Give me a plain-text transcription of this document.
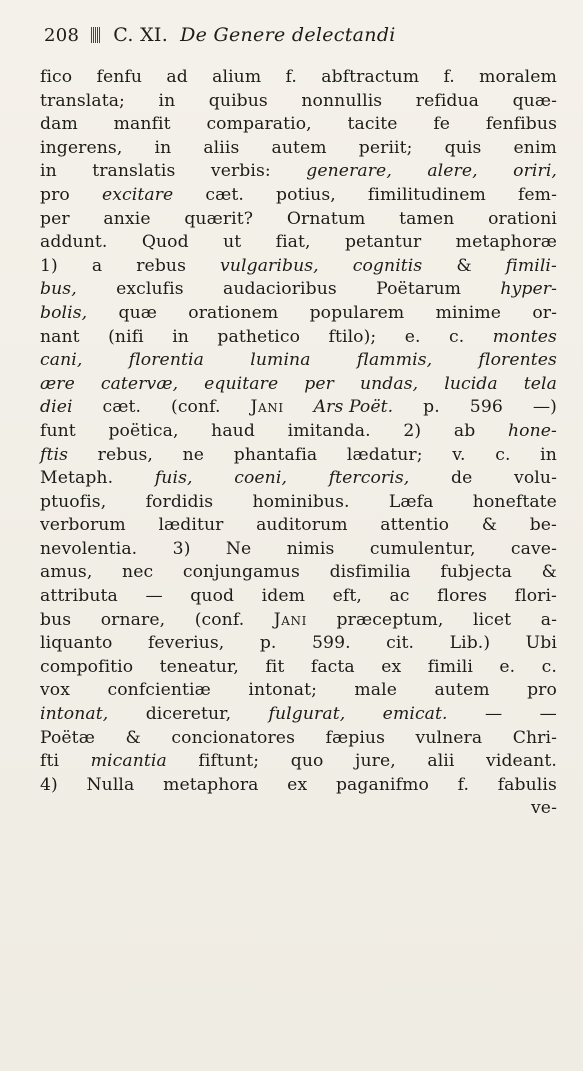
208 C. XI. De Genere delectandi
fico fenfu ad alium f. abftractum f. moralem
translata; in quibus nonnullis refidua quæ-
dam manfit comparatio, tacite fe fenfibus
ingerens, in aliis autem periit; quis enim
in translatis verbis: generare, alere, oriri,
pro excitare cæt. potius, fimilitudinem fem-
per anxie quærit? Ornatum tamen orationi
addunt. Quod ut fiat, petantur metaphoræ
1) a rebus vulgaribus, cognitis & fimili-
bus, exclufis audacioribus Poëtarum hyper-
bolis, quæ orationem popularem minime or-
nant (nifi in pathetico ftilo); e. c. montes
cani,	florentia	lumina	flammis,	florentes
ære catervæ, equitare per undas, lucida tela
diei cæt. (conf. Jani Ars Poët. p. 596 —)
funt poëtica, haud imitanda. 2) ab hone-
ftis rebus, ne phantafia lædatur; v. c. in
Metaph. fuis, coeni, ftercoris, de volu-
ptuofis, fordidis hominibus. Læfa honeftate
verborum læditur auditorum attentio & be-
nevolentia. 3) Ne nimis cumulentur, cave-
amus, nec conjungamus disfimilia fubjecta &
attributa — quod idem eft, ac flores flori-
bus ornare, (conf. Jani præceptum, licet a-
liquanto feverius, p. 599. cit. Lib.) Ubi
compofitio teneatur, fit facta ex fimili e. c.
vox confcientiæ intonat; male autem pro
intonat, diceretur, fulgurat, emicat. — —
Poëtæ & concionatores fæpius vulnera Chri-
fti micantia fiftunt; quo jure, alii videant.
4) Nulla metaphora ex paganifmo f. fabulis
ve-
